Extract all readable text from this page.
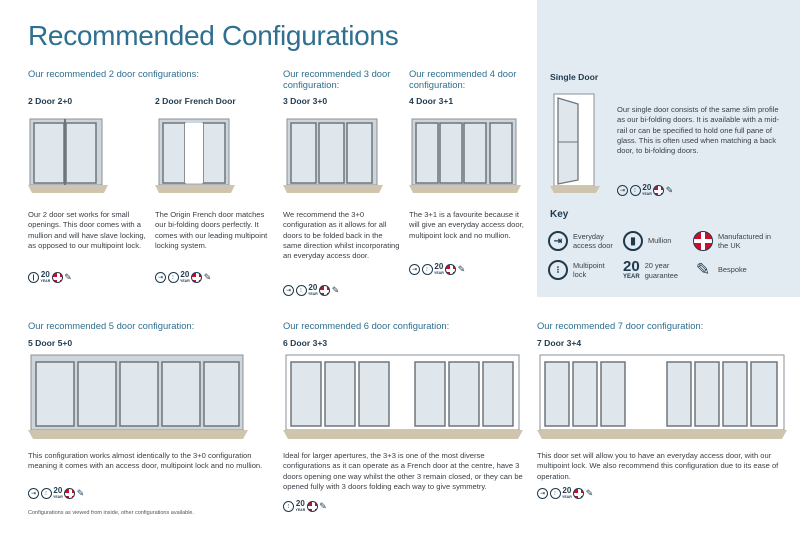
Recommended Configurations
Our recommended 2 door configurations:	Our recommended 3 door configuration:
Our recommended 4 door configuration:
2 Door 2+0	2 Door French Door	3 Door 3+0	4 Door 3+1
Our 2 door set works for small openings. This door comes with a mullion and will have slave locking, as opposed to our multipoint lock.
The Origin French door matches our bi-folding doors perfectly. It comes with our leading multipoint locking system.
We recommend the 3+0 configuration as it allows for all doors to be folded back in the same direction whilst incorporating an everyday access door.
The 3+1 is a favourite because it will give an everyday access door, multipoint lock and no mullion.
❙ 20
YEAR ✎	⇥	⁝ 20
YEAR ✎
⇥	⁝ 20
YEAR ✎
⇥	⁝ 20
YEAR ✎
Single Door
Our single door consists of the same slim profile as our bi-folding doors. It is available with a mid-rail or can be specified to hold one full pane of glass. This is often used when matching a back door, to bi-folding doors.
⇥	⁝ 20
YEAR ✎
Key
⇥	Everyday access door	▮	Mullion
Manufactured in the UK
⁝	Multipoint lock	20
YEAR
20 year guarantee	✎	Bespoke
Our recommended 5 door configuration:	Our recommended 6 door configuration:	Our recommended 7 door configuration:
5 Door 5+0	6 Door 3+3	7 Door 3+4
This configuration works almost identically to the 3+0 configuration meaning it comes with an access door, multipoint lock and no mullion.
Ideal for larger apertures, the 3+3 is one of the most diverse configurations as it can operate as a French door at the centre, have 3 doors opening one way whilst the other 3 remain closed, or they can be opened fully with 3 doors folding each way to give symmetry.
This door set will allow you to have an everyday access door, with our multipoint lock. We also recommend this configuration due to its ease of operation.
⇥	⁝ 20
YEAR ✎
⁝ 20
YEAR ✎
⇥	⁝ 20
YEAR ✎
Configurations as viewed from inside, other configurations available.
